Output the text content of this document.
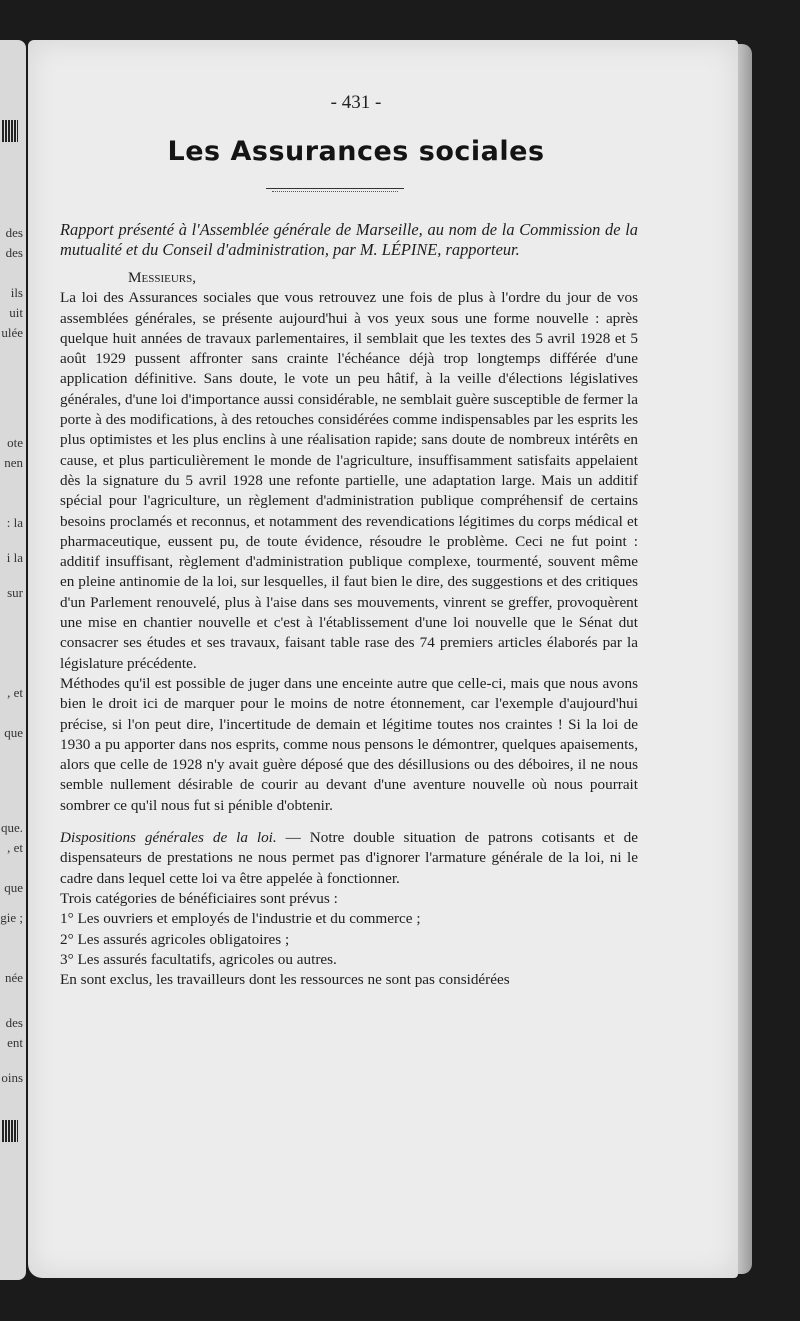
des
des
ils
uit
ulée
ote
nen
: la
i la
sur
, et
que
que.
, et
que
gie ;
née
des
ent
oins
- 431 -
Les Assurances sociales

Rapport présenté à l'Assemblée générale de Marseille, au nom de la Commission de la mutualité et du Conseil d'administration, par M. LÉPINE, rapporteur.

Messieurs,

La loi des Assurances sociales que vous retrouvez une fois de plus à l'ordre du jour de vos assemblées générales, se présente aujourd'hui à vos yeux sous une forme nouvelle : après quelque huit années de travaux parlementaires, il semblait que les textes des 5 avril 1928 et 5 août 1929 pussent affronter sans crainte l'échéance déjà trop longtemps différée d'une application définitive. Sans doute, le vote un peu hâtif, à la veille d'élections législatives générales, d'une loi d'importance aussi considérable, ne semblait guère susceptible de fermer la porte à des modifications, à des retouches considérées comme indispensables par les esprits les plus optimistes et les plus enclins à une réalisation rapide; sans doute de nombreux intérêts en cause, et plus particulièrement le monde de l'agriculture, insuffisamment satisfaits appelaient dès la signature du 5 avril 1928 une refonte partielle, une adaptation large. Mais un additif spécial pour l'agriculture, un règlement d'administration publique compréhensif de certains besoins proclamés et reconnus, et notamment des revendications légitimes du corps médical et pharmaceutique, eussent pu, de toute évidence, résoudre le problème. Ceci ne fut point : additif insuffisant, règlement d'administration publique complexe, tourmenté, souvent même en pleine antinomie de la loi, sur lesquelles, il faut bien le dire, des suggestions et des critiques d'un Parlement renouvelé, plus à l'aise dans ses mouvements, vinrent se greffer, provoquèrent une mise en chantier nouvelle et c'est à l'établissement d'une loi nouvelle que le Sénat dut consacrer ses études et ses travaux, faisant table rase des 74 premiers articles élaborés par la législature précédente.

Méthodes qu'il est possible de juger dans une enceinte autre que celle-ci, mais que nous avons bien le droit ici de marquer pour le moins de notre étonnement, car l'exemple d'aujourd'hui précise, si l'on peut dire, l'incertitude de demain et légitime toutes nos craintes ! Si la loi de 1930 a pu apporter dans nos esprits, comme nous pensons le démontrer, quelques apaisements, alors que celle de 1928 n'y avait guère déposé que des désillusions ou des déboires, il ne nous semble nullement désirable de courir au devant d'une aventure nouvelle où nous pourrait sombrer ce qu'il nous fut si pénible d'obtenir.

Dispositions générales de la loi. — Notre double situation de patrons cotisants et de dispensateurs de prestations ne nous permet pas d'ignorer l'armature générale de la loi, ni le cadre dans lequel cette loi va être appelée à fonctionner.

Trois catégories de bénéficiaires sont prévus :

1° Les ouvriers et employés de l'industrie et du commerce ;

2° Les assurés agricoles obligatoires ;

3° Les assurés facultatifs, agricoles ou autres.

En sont exclus, les travailleurs dont les ressources ne sont pas considérées
